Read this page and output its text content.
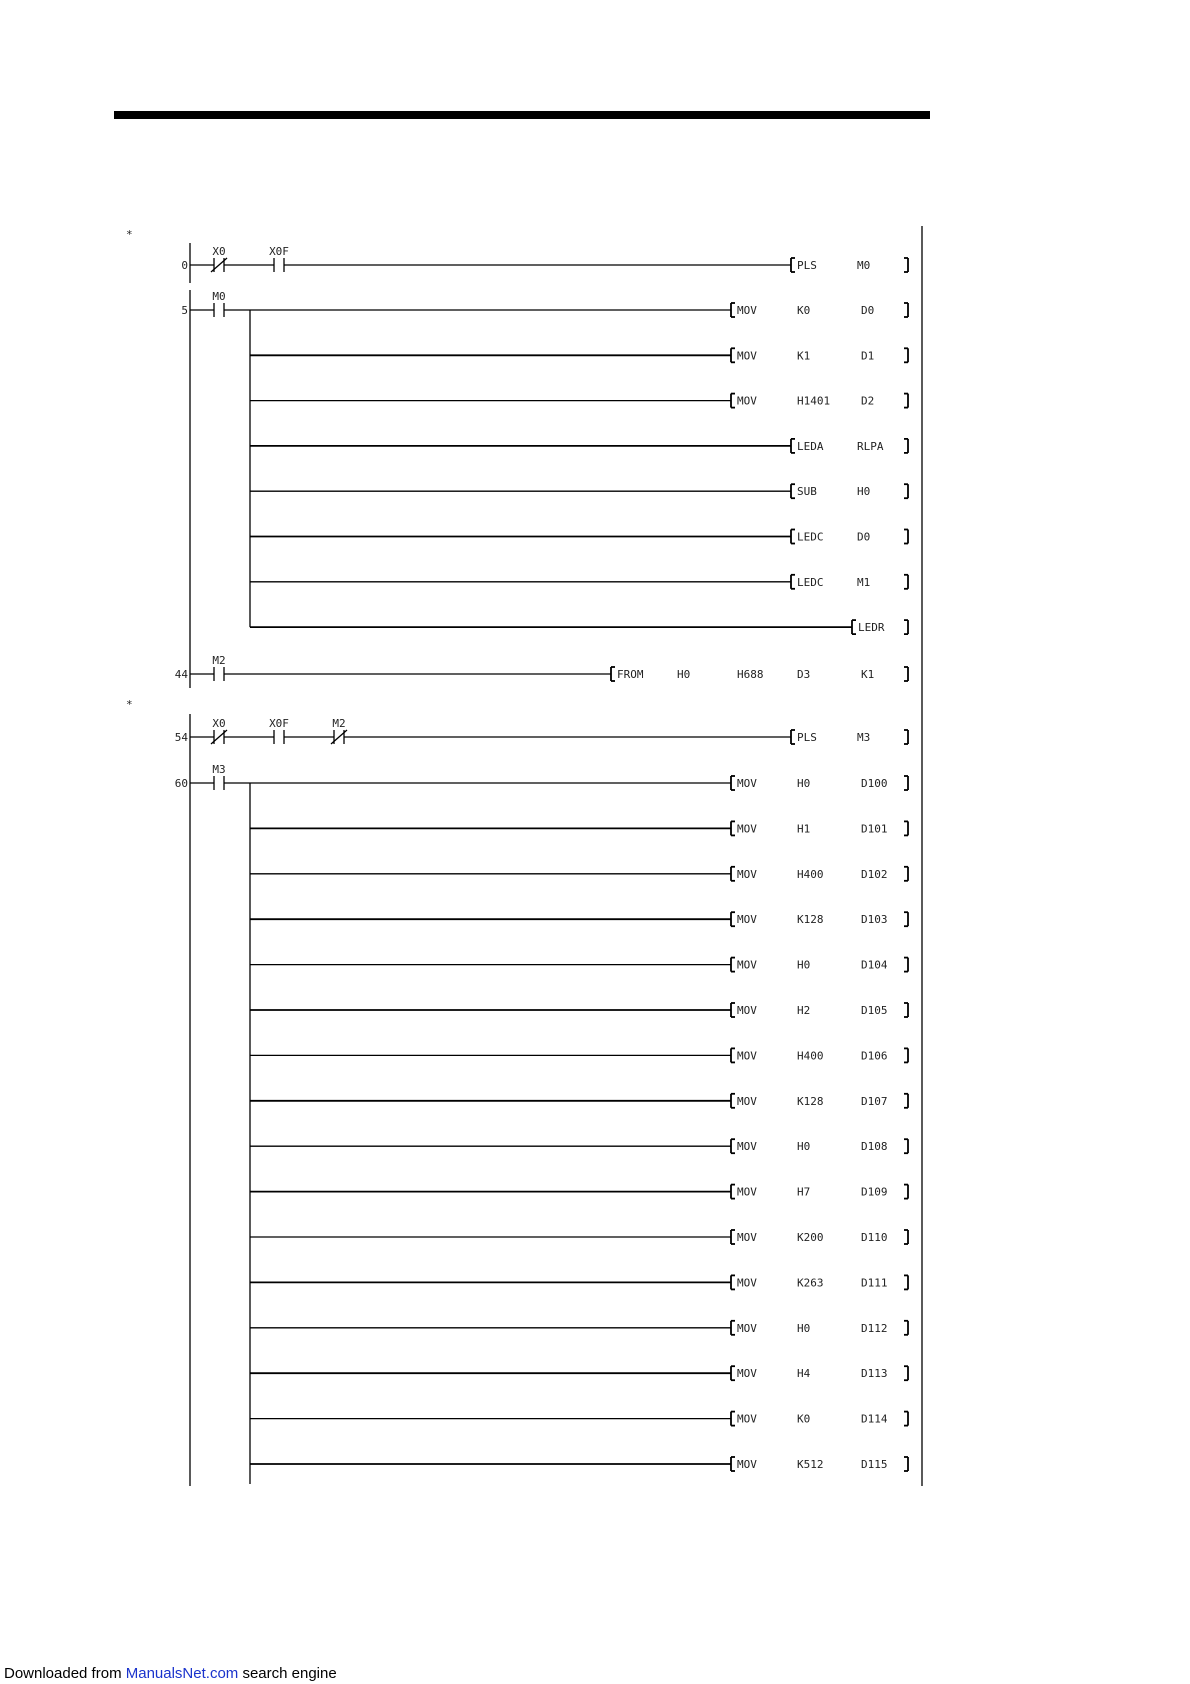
*
*
0
X0	X0F
PLS	M0
5
M0
MOV	K0	D0
MOV	K1	D1
MOV	H1401	D2
LEDA	RLPA
SUB	H0
LEDC	D0
LEDC	M1
LEDR
44
M2
FROM	H0	H688	D3	K1
54
X0	X0F	M2
PLS	M3
60
M3
MOV	H0	D100
MOV	H1	D101
MOV	H400	D102
MOV	K128	D103
MOV	H0	D104
MOV	H2	D105
MOV	H400	D106
MOV	K128	D107
MOV	H0	D108
MOV	H7	D109
MOV	K200	D110
MOV	K263	D111
MOV	H0	D112
MOV	H4	D113
MOV	K0	D114
MOV	K512	D115
Downloaded from ManualsNet.com search engine
